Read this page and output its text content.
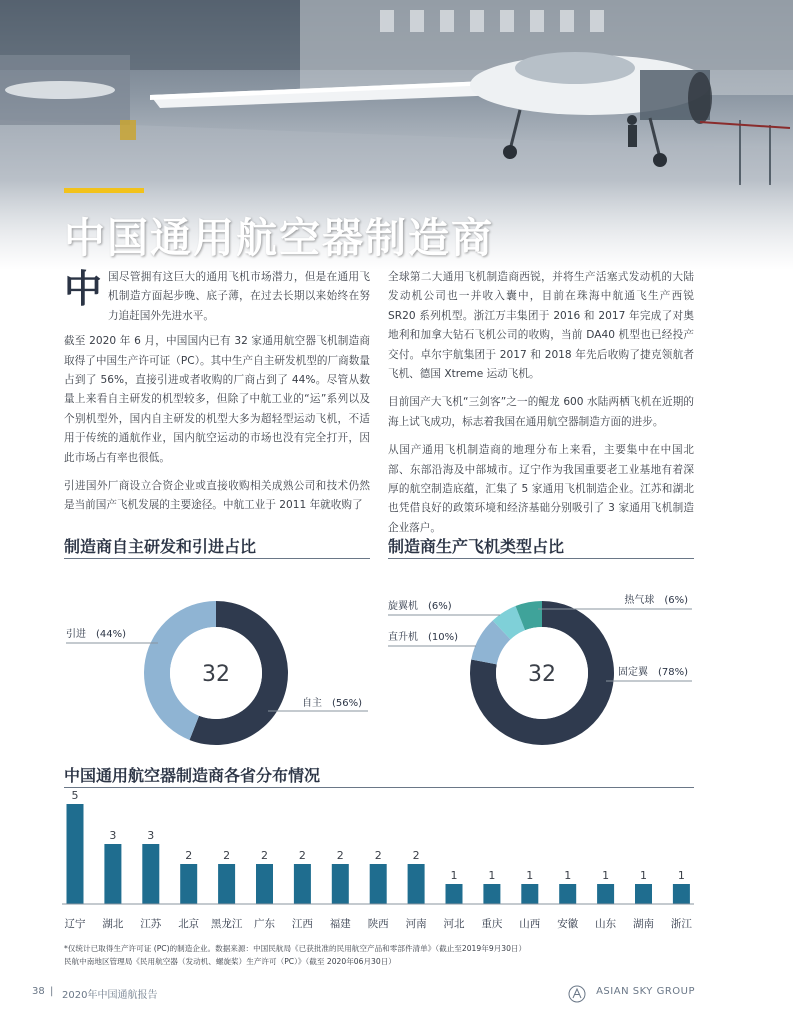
中国通用航空器制造商
中 国尽管拥有这巨大的通用飞机市场潜力，但是在通用飞机制造方面起步晚、底子薄，在过去长期以来始终在努力追赶国外先进水平。

截至 2020 年 6 月，中国国内已有 32 家通用航空器飞机制造商取得了中国生产许可证（PC）。其中生产自主研发机型的厂商数量占到了 56%，直接引进或者收购的厂商占到了 44%。尽管从数量上来看自主研发的机型较多，但除了中航工业的“运”系列以及个别机型外，国内自主研发的机型大多为超轻型运动飞机，不适用于传统的通航作业，国内航空运动的市场也没有完全打开，因此市场占有率也很低。

引进国外厂商设立合资企业或直接收购相关成熟公司和技术仍然是当前国产飞机发展的主要途径。中航工业于 2011 年就收购了

全球第二大通用飞机制造商西锐，并将生产活塞式发动机的大陆发动机公司也一并收入囊中，目前在珠海中航通飞生产西锐 SR20 系列机型。浙江万丰集团于 2016 和 2017 年完成了对奥地利和加拿大钻石飞机公司的收购，当前 DA40 机型也已经投产交付。卓尔宇航集团于 2017 和 2018 年先后收购了捷克领航者飞机、德国 Xtreme 运动飞机。

目前国产大飞机“三剑客”之一的鲲龙 600 水陆两栖飞机在近期的海上试飞成功，标志着我国在通用航空器制造方面的进步。

从国产通用飞机制造商的地理分布上来看，主要集中在中国北部、东部沿海及中部城市。辽宁作为我国重要老工业基地有着深厚的航空制造底蕴，汇集了 5 家通用飞机制造企业。江苏和湖北也凭借良好的政策环境和经济基础分别吸引了 3 家通用飞机制造企业落户。

制造商自主研发和引进占比	制造商生产飞机类型占比
32
自主　(56%)
引进　(44%)
32	固定翼　(78%)
直升机　(10%)
旋翼机　(6%)
热气球　(6%)
中国通用航空器制造商各省分布情况
5
辽宁
3
湖北
3
江苏
2
北京
2
黑龙江
2
广东
2
江西
2
福建
2
陕西
2
河南
1
河北
1
重庆
1
山西
1
安徽
1
山东
1
湖南
1
浙江
*仅统计已取得生产许可证 (PC)的制造企业。数据来源：中国民航局《已获批准的民用航空产品和零部件清单》（截止至2019年9月30日）
民航中南地区管理局《民用航空器（发动机、螺旋桨）生产许可（PC）》（截至 2020年06月30日）
38 | 2020年中国通航报告	ASIAN SKY GROUP
